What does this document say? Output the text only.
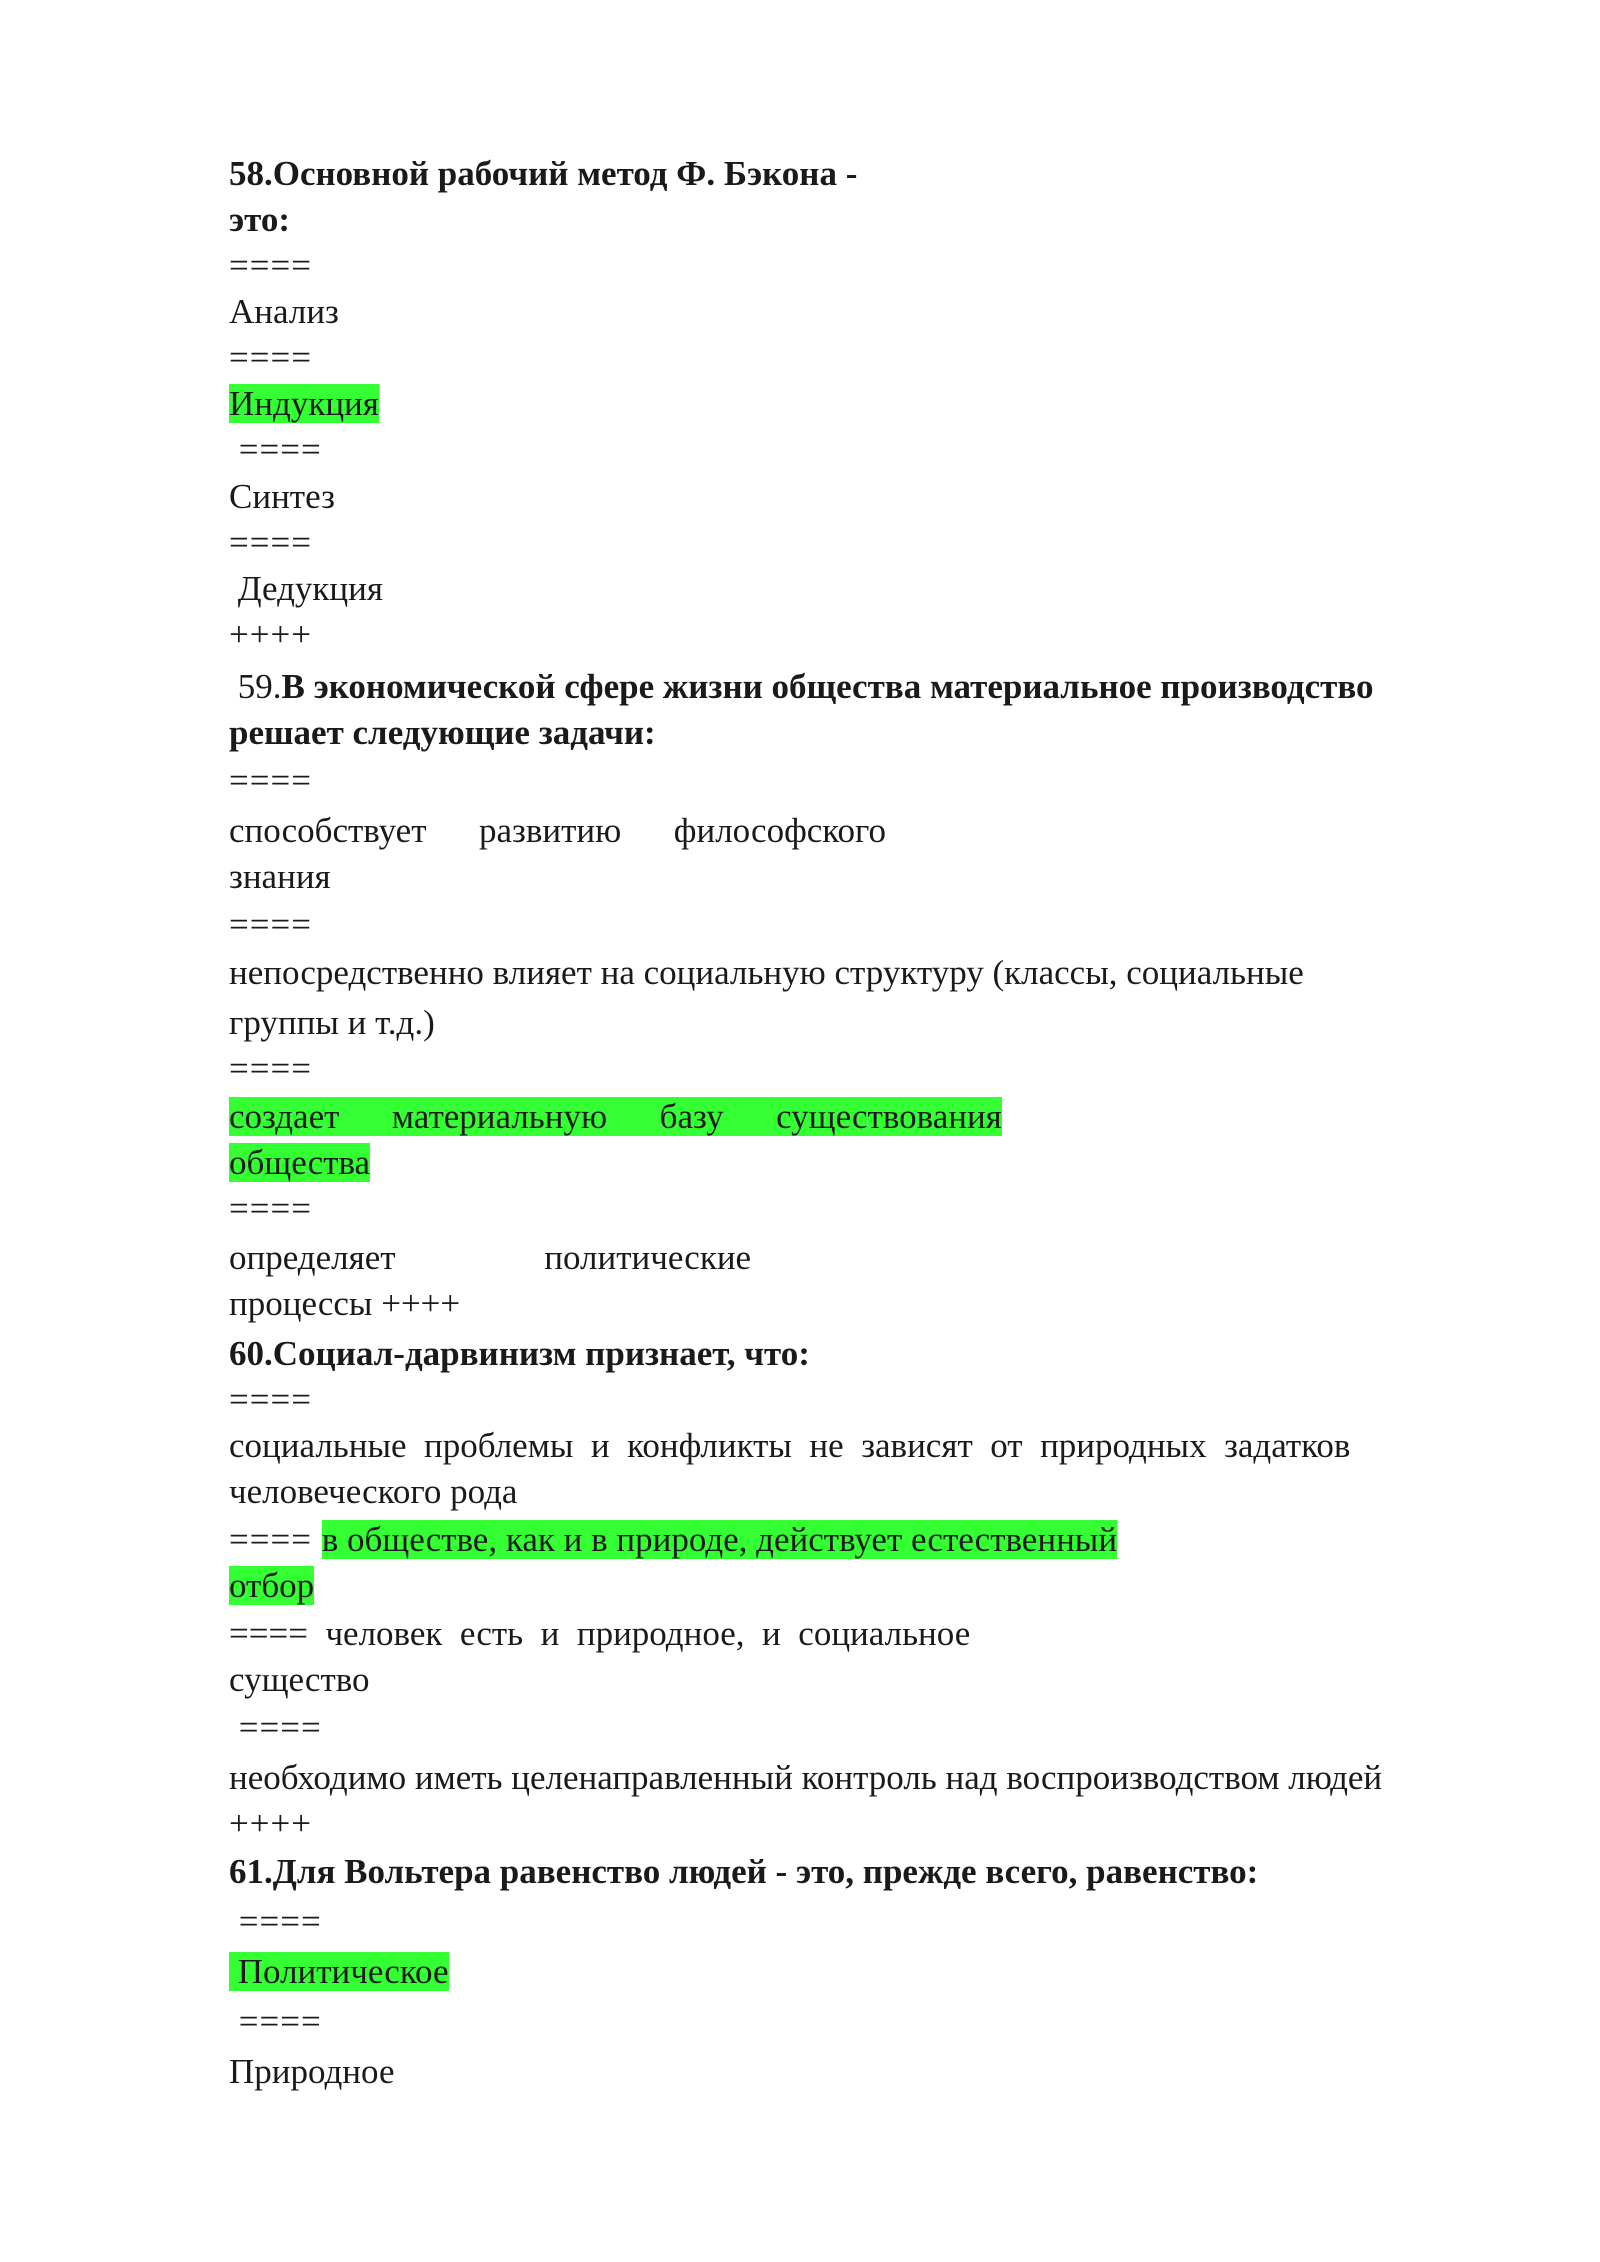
58.Основной рабочий метод Ф. Бэкона -

это:

====

Анализ

====

Индукция

====

Синтез

====

Дедукция

++++

59.В экономической сфере жизни общества материальное производство

решает следующие задачи:

====

способствует      развитию      философского

знания

====

непосредственно влияет на социальную структуру (классы, социальные

группы и т.д.)

====

создает      материальную      базу      существования

общества

====

определяет                 политические

процессы ++++

60.Социал-дарвинизм признает, что:

====

социальные  проблемы  и  конфликты  не  зависят  от  природных  задатков

человеческого рода

==== в обществе, как и в природе, действует естественный

отбор

====  человек  есть  и  природное,  и  социальное

существо

====

необходимо иметь целенаправленный контроль над воспроизводством людей

++++

61.Для Вольтера равенство людей - это, прежде всего, равенство:

====

Политическое

====

Природное
